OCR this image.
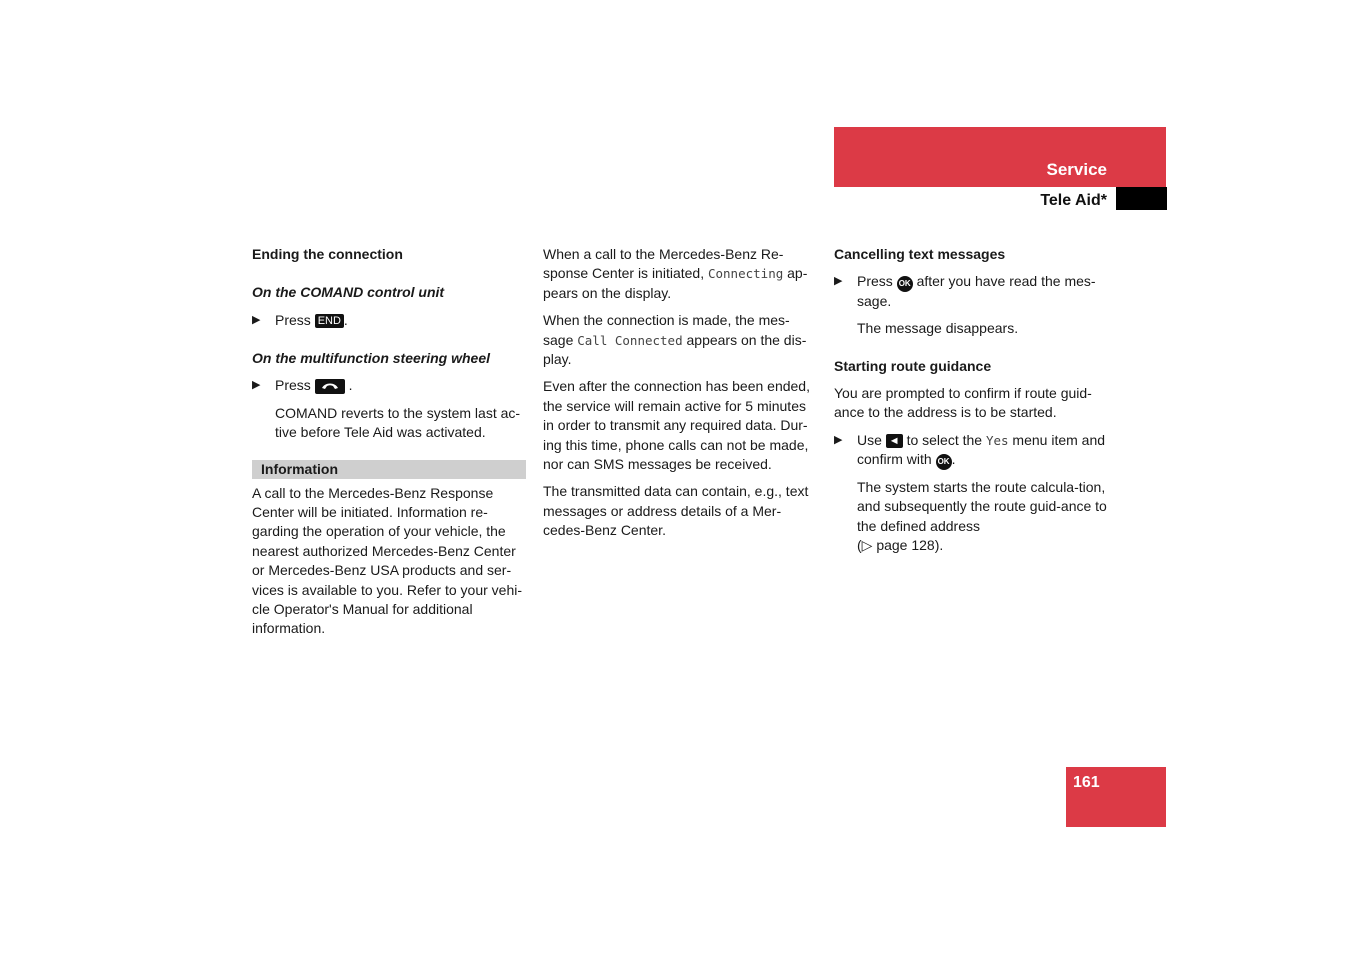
Service
Tele Aid*
Ending the connection
On the COMAND control unit
▶ Press END .
On the multifunction steering wheel
▶ Press  .

COMAND reverts to the system last ac-tive before Tele Aid was activated.

Information

A call to the Mercedes-Benz Response Center will be initiated. Information re-garding the operation of your vehicle, the nearest authorized Mercedes-Benz Center or Mercedes-Benz USA products and ser-vices is available to you. Refer to your vehi-cle Operator's Manual for additional information.

When a call to the Mercedes-Benz Re-sponse Center is initiated, Connecting ap-pears on the display.

When the connection is made, the mes-sage Call Connected appears on the dis-play.

Even after the connection has been ended, the service will remain active for 5 minutes in order to transmit any required data. Dur-ing this time, phone calls can not be made, nor can SMS messages be received.

The transmitted data can contain, e.g., text messages or address details of a Mer-cedes-Benz Center.

Cancelling text messages
▶ Press OK after you have read the mes-sage.

The message disappears.

Starting route guidance

You are prompted to confirm if route guid-ance to the address is to be started.

▶ Use ◄ to select the Yes menu item and confirm with OK .

The system starts the route calcula-tion, and subsequently the route guid-ance to the defined address
(▷ page 128).

161
